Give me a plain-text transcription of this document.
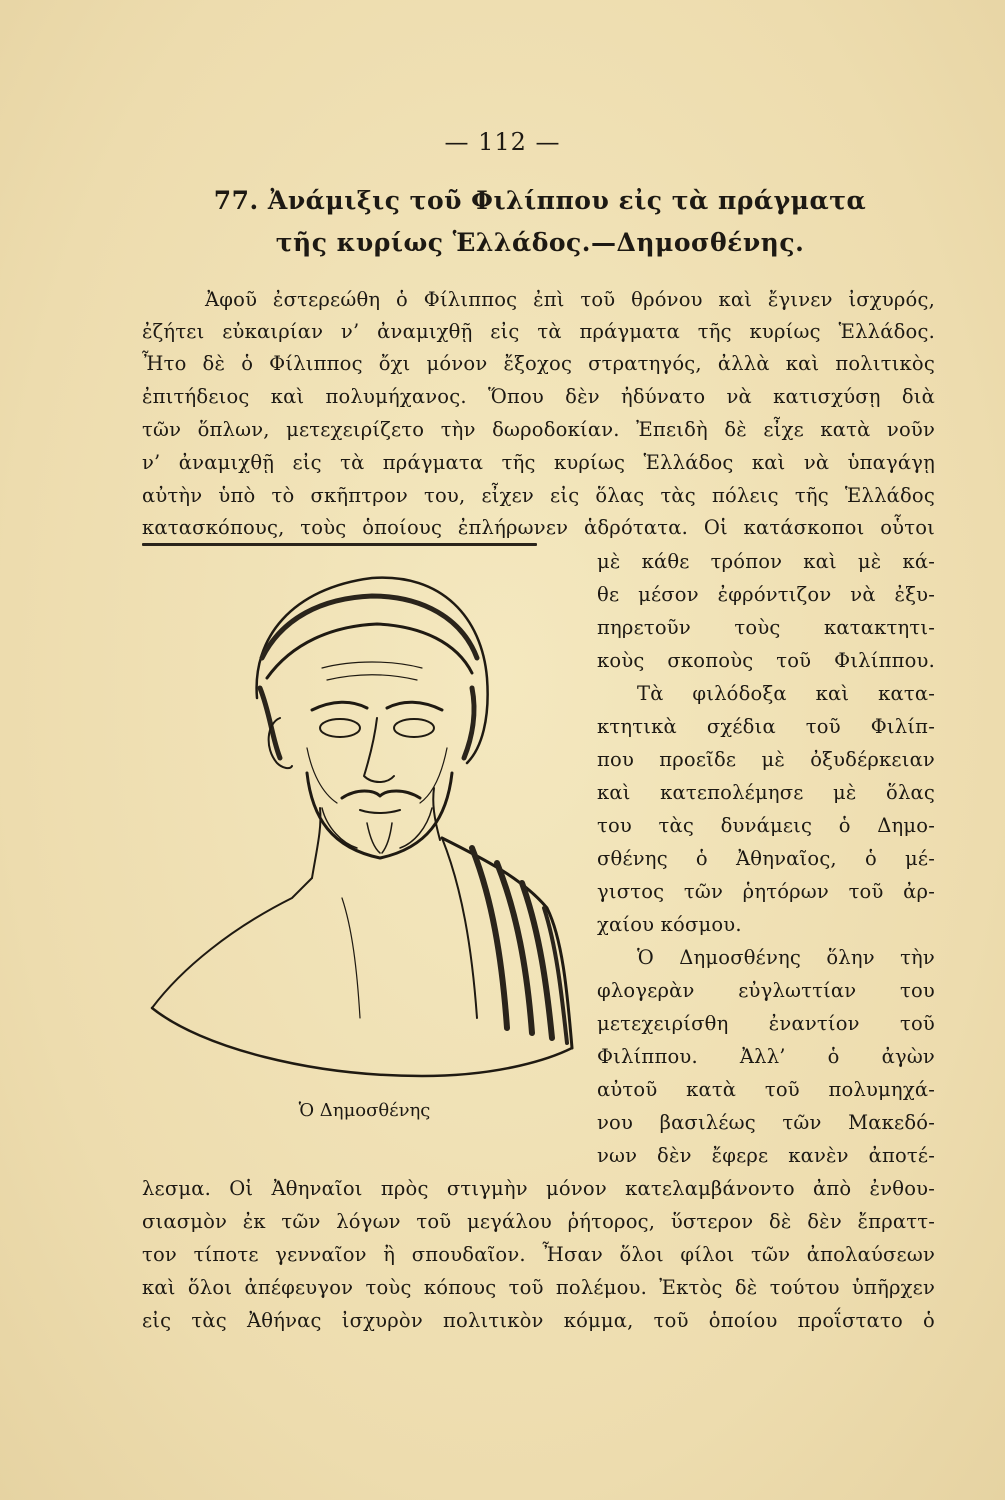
— 112 —
77. Ἀνάμιξις τοῦ Φιλίππου εἰς τὰ πράγματα
τῆς κυρίως Ἑλλάδος.—Δημοσθένης.
Ἀφοῦ ἐστερεώθη ὁ Φίλιππος ἐπὶ τοῦ θρόνου καὶ ἔγινεν ἰσχυρός,
ἐζήτει εὐκαιρίαν ν’ ἀναμιχθῇ εἰς τὰ πράγματα τῆς κυρίως Ἑλλάδος.
Ἦτο δὲ ὁ Φίλιππος ὄχι μόνον ἔξοχος στρατηγός, ἀλλὰ καὶ πολιτικὸς
ἐπιτήδειος καὶ πολυμήχανος. Ὅπου δὲν ἠδύνατο νὰ κατισχύσῃ διὰ
τῶν ὅπλων, μετεχειρίζετο τὴν δωροδοκίαν. Ἐπειδὴ δὲ εἶχε κατὰ νοῦν
ν’ ἀναμιχθῇ εἰς τὰ πράγματα τῆς κυρίως Ἑλλάδος καὶ νὰ ὑπαγάγῃ
αὐτὴν ὑπὸ τὸ σκῆπτρον του, εἶχεν εἰς ὅλας τὰς πόλεις τῆς Ἑλλάδος
κατασκόπους, τοὺς ὁποίους ἐπλήρωνεν ἁδρότατα. Οἱ κατάσκοποι οὗτοι
μὲ κάθε τρόπον καὶ μὲ κά-
θε μέσον ἐφρόντιζον νὰ ἐξυ-
πηρετοῦν τοὺς κατακτητι-
κοὺς σκοποὺς τοῦ Φιλίππου.
Τὰ φιλόδοξα καὶ κατα-
κτητικὰ σχέδια τοῦ Φιλίπ-
που προεῖδε μὲ ὀξυδέρκειαν
καὶ κατεπολέμησε μὲ ὅλας
του τὰς δυνάμεις ὁ Δημο-
σθένης ὁ Ἀθηναῖος, ὁ μέ-
γιστος τῶν ῥητόρων τοῦ ἀρ-
χαίου κόσμου.
Ὁ Δημοσθένης ὅλην τὴν
φλογερὰν εὐγλωττίαν του
μετεχειρίσθη ἐναντίον τοῦ
Φιλίππου. Ἀλλ’ ὁ ἀγὼν
αὐτοῦ κατὰ τοῦ πολυμηχά-
νου βασιλέως τῶν Μακεδό-
νων δὲν ἔφερε κανὲν ἀποτέ-
Ὁ Δημοσθένης
λεσμα. Οἱ Ἀθηναῖοι πρὸς στιγμὴν μόνον κατελαμβάνοντο ἀπὸ ἐνθου-
σιασμὸν ἐκ τῶν λόγων τοῦ μεγάλου ῥήτορος, ὕστερον δὲ δὲν ἔπραττ-
τον τίποτε γενναῖον ἢ σπουδαῖον. Ἦσαν ὅλοι φίλοι τῶν ἀπολαύσεων
καὶ ὅλοι ἀπέφευγον τοὺς κόπους τοῦ πολέμου. Ἐκτὸς δὲ τούτου ὑπῆρχεν
εἰς τὰς Ἀθήνας ἰσχυρὸν πολιτικὸν κόμμα, τοῦ ὁποίου προΐστατο ὁ
